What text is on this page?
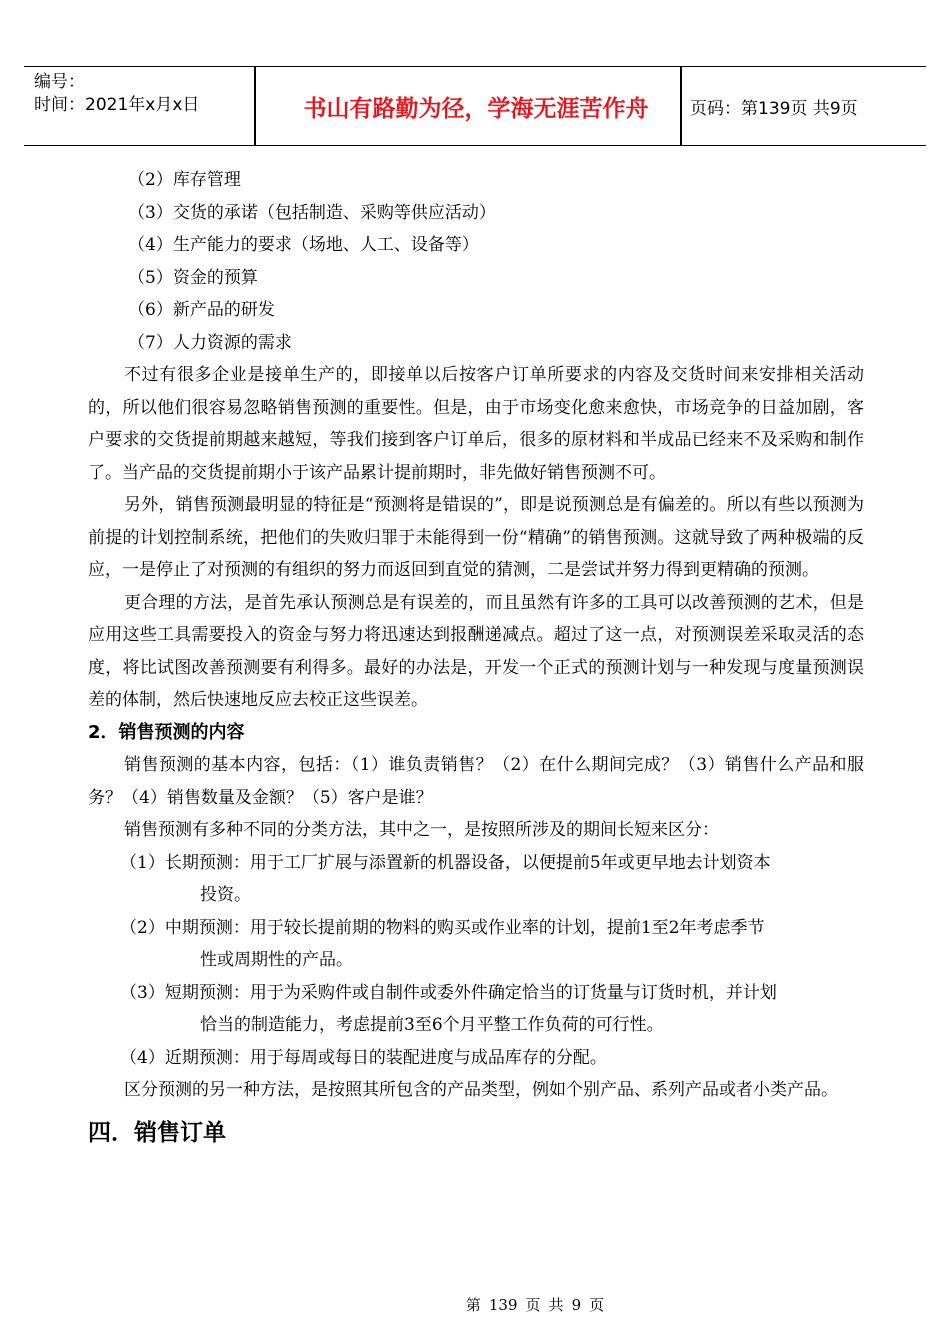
编号：
时间：2021年x月x日	书山有路勤为径，学海无涯苦作舟	页码：第139页 共9页
（2）库存管理
（3）交货的承诺（包括制造、采购等供应活动）
（4）生产能力的要求（场地、人工、设备等）
（5）资金的预算
（6）新产品的研发
（7）人力资源的需求
不过有很多企业是接单生产的，即接单以后按客户订单所要求的内容及交货时间来安排相关活动的，所以他们很容易忽略销售预测的重要性。但是，由于市场变化愈来愈快，市场竞争的日益加剧，客户要求的交货提前期越来越短，等我们接到客户订单后，很多的原材料和半成品已经来不及采购和制作了。当产品的交货提前期小于该产品累计提前期时，非先做好销售预测不可。
另外，销售预测最明显的特征是“预测将是错误的”，即是说预测总是有偏差的。所以有些以预测为前提的计划控制系统，把他们的失败归罪于未能得到一份“精确”的销售预测。这就导致了两种极端的反应，一是停止了对预测的有组织的努力而返回到直觉的猜测，二是尝试并努力得到更精确的预测。
更合理的方法，是首先承认预测总是有误差的，而且虽然有许多的工具可以改善预测的艺术，但是应用这些工具需要投入的资金与努力将迅速达到报酬递减点。超过了这一点，对预测误差采取灵活的态度，将比试图改善预测要有利得多。最好的办法是，开发一个正式的预测计划与一种发现与度量预测误差的体制，然后快速地反应去校正这些误差。
2．销售预测的内容
销售预测的基本内容，包括：（1）谁负责销售？（2）在什么期间完成？（3）销售什么产品和服务？（4）销售数量及金额？（5）客户是谁？
销售预测有多种不同的分类方法，其中之一，是按照所涉及的期间长短来区分：
（1）长期预测：用于工厂扩展与添置新的机器设备，以便提前5年或更早地去计划资本
投资。
（2）中期预测：用于较长提前期的物料的购买或作业率的计划，提前1至2年考虑季节
性或周期性的产品。
（3）短期预测：用于为采购件或自制件或委外件确定恰当的订货量与订货时机，并计划
恰当的制造能力，考虑提前3至6个月平整工作负荷的可行性。
（4）近期预测：用于每周或每日的装配进度与成品库存的分配。
区分预测的另一种方法，是按照其所包含的产品类型，例如个别产品、系列产品或者小类产品。
四．销售订单
第 139 页 共 9 页
